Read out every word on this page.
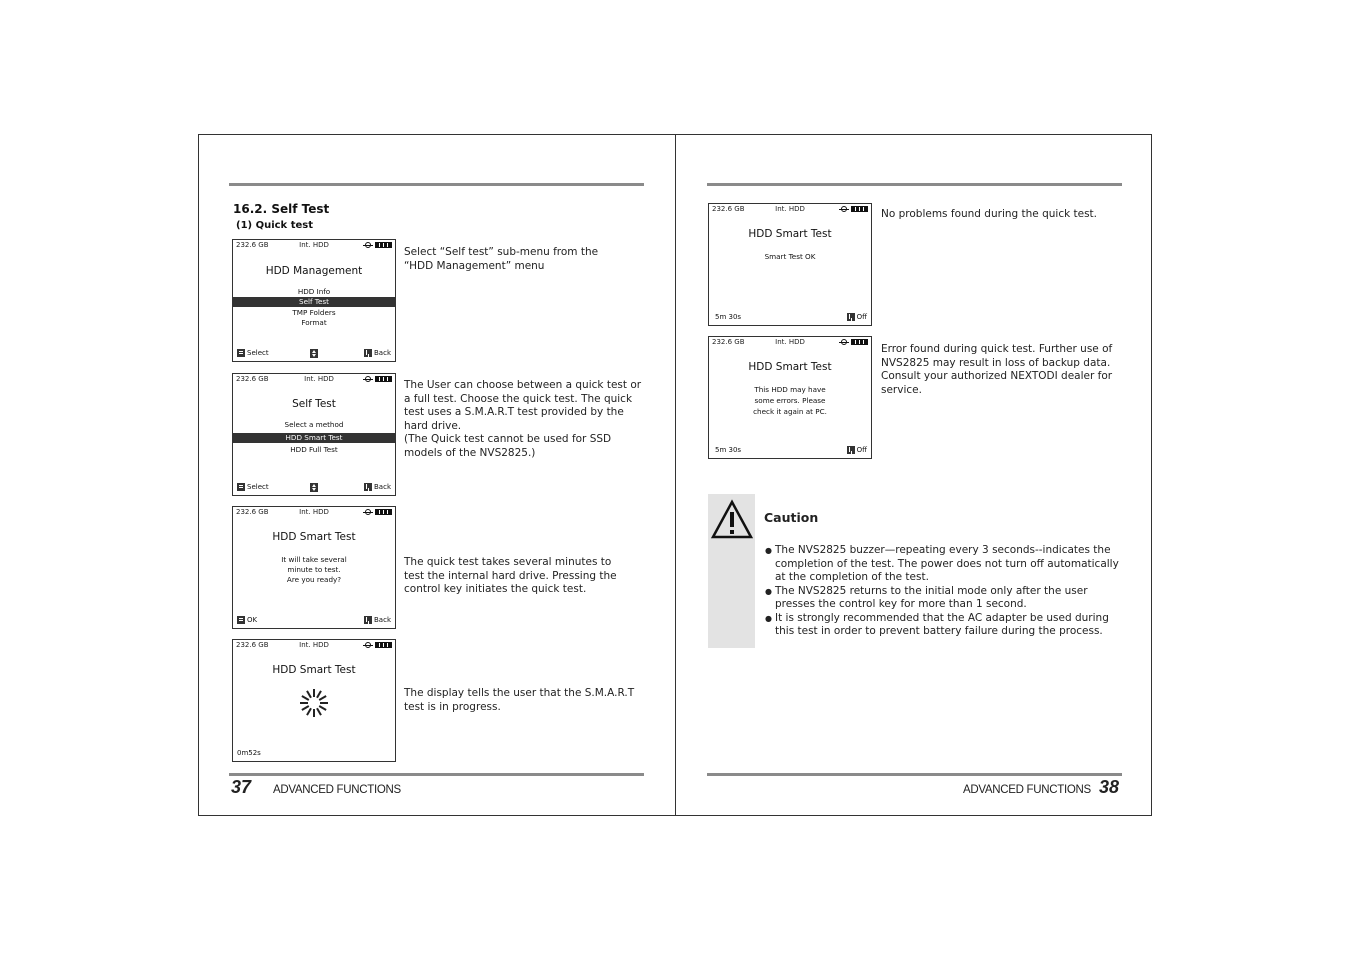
16.2. Self Test
(1) Quick test
232.6 GB	Int. HDD
HDD Management
HDD Info
Self Test
TMP Folders
Format
Select	Back
Select “Self test” sub-menu from the “HDD Management” menu
232.6 GB	Int. HDD
Self Test
Select a method
HDD Smart Test
HDD Full Test
Select	Back
The User can choose between a quick test or a full test. Choose the quick test. The quick test uses a S.M.A.R.T test provided by the hard drive.
(The Quick test cannot be used for SSD models of the NVS2825.)
232.6 GB	Int. HDD
HDD Smart Test
It will take several
minute to test.
Are you ready?
OK	Back
The quick test takes several minutes to test the internal hard drive. Pressing the control key initiates the quick test.
232.6 GB	Int. HDD
HDD Smart Test
0m52s
The display tells the user that the S.M.A.R.T test is in progress.
37 ADVANCED FUNCTIONS
232.6 GB	Int. HDD
HDD Smart Test
Smart Test OK
5m 30s	Off
No problems found during the quick test.
232.6 GB	Int. HDD
HDD Smart Test
This HDD may have
some errors. Please
check it again at PC.
5m 30s	Off
Error found during quick test. Further use of NVS2825 may result in loss of backup data. Consult your authorized NEXTODI dealer for service.
Caution
● The NVS2825 buzzer—repeating every 3 seconds--indicates the completion of the test. The power does not turn off automatically at the completion of the test.
● The NVS2825 returns to the initial mode only after the user presses the control key for more than 1 second.
● It is strongly recommended that the AC adapter be used during this test in order to prevent battery failure during the process.
ADVANCED FUNCTIONS 38
